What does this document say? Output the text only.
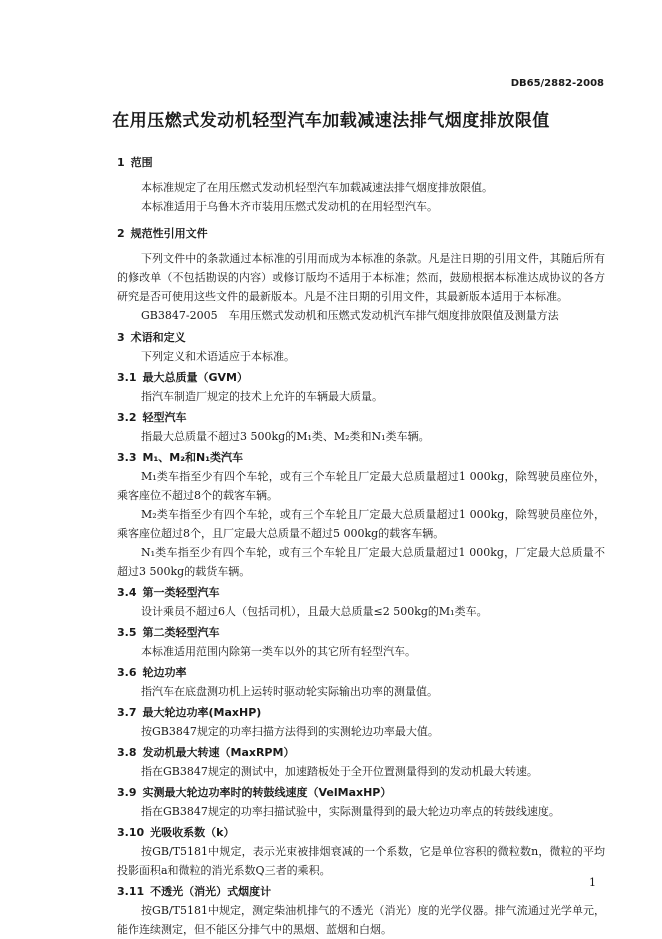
DB65/2882-2008
在用压燃式发动机轻型汽车加载减速法排气烟度排放限值
1 范围
本标准规定了在用压燃式发动机轻型汽车加载减速法排气烟度排放限值。
本标准适用于乌鲁木齐市装用压燃式发动机的在用轻型汽车。
2 规范性引用文件
下列文件中的条款通过本标准的引用而成为本标准的条款。凡是注日期的引用文件，其随后所有的修改单（不包括勘误的内容）或修订版均不适用于本标准；然而，鼓励根据本标准达成协议的各方研究是否可使用这些文件的最新版本。凡是不注日期的引用文件，其最新版本适用于本标准。
GB3847-2005　车用压燃式发动机和压燃式发动机汽车排气烟度排放限值及测量方法
3 术语和定义
下列定义和术语适应于本标准。
3.1 最大总质量（GVM）
指汽车制造厂规定的技术上允许的车辆最大质量。
3.2 轻型汽车
指最大总质量不超过3 500kg的M₁类、M₂类和N₁类车辆。
3.3 M₁、M₂和N₁类汽车
M₁类车指至少有四个车轮，或有三个车轮且厂定最大总质量超过1 000kg，除驾驶员座位外，乘客座位不超过8个的载客车辆。
M₂类车指至少有四个车轮，或有三个车轮且厂定最大总质量超过1 000kg，除驾驶员座位外，乘客座位超过8个，且厂定最大总质量不超过5 000kg的载客车辆。
N₁类车指至少有四个车轮，或有三个车轮且厂定最大总质量超过1 000kg，厂定最大总质量不超过3 500kg的载货车辆。
3.4 第一类轻型汽车
设计乘员不超过6人（包括司机），且最大总质量≤2 500kg的M₁类车。
3.5 第二类轻型汽车
本标准适用范围内除第一类车以外的其它所有轻型汽车。
3.6 轮边功率
指汽车在底盘测功机上运转时驱动轮实际输出功率的测量值。
3.7 最大轮边功率(MaxHP)
按GB3847规定的功率扫描方法得到的实测轮边功率最大值。
3.8 发动机最大转速（MaxRPM）
指在GB3847规定的测试中，加速踏板处于全开位置测量得到的发动机最大转速。
3.9 实测最大轮边功率时的转鼓线速度（VelMaxHP）
指在GB3847规定的功率扫描试验中，实际测量得到的最大轮边功率点的转鼓线速度。
3.10 光吸收系数（k）
按GB/T5181中规定，表示光束被排烟衰减的一个系数，它是单位容积的微粒数n，微粒的平均投影面积a和微粒的消光系数Q三者的乘积。
3.11 不透光（消光）式烟度计
按GB/T5181中规定，测定柴油机排气的不透光（消光）度的光学仪器。排气流通过光学单元，能作连续测定，但不能区分排气中的黑烟、蓝烟和白烟。
1
